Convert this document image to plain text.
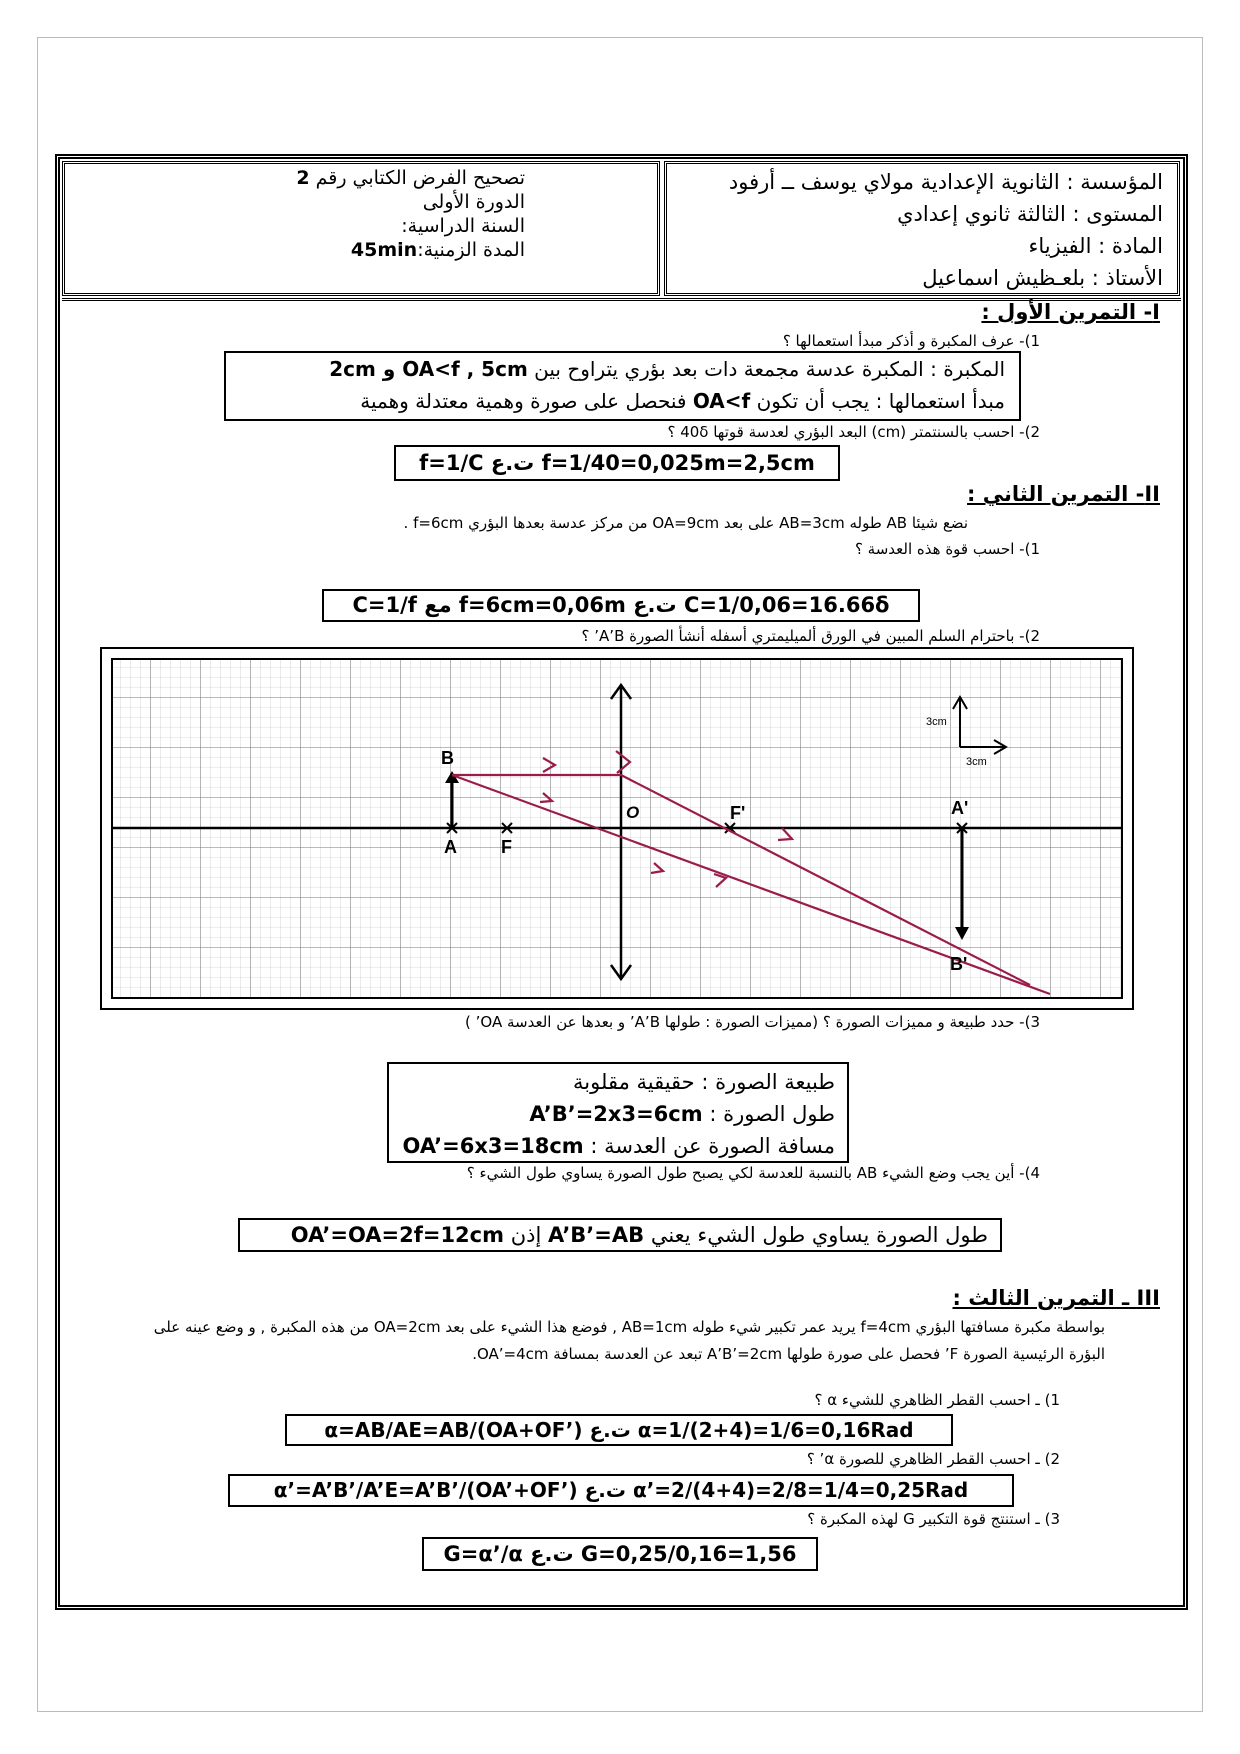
المؤسسة : الثانوية الإعدادية مولاي يوسف ــ أرفود
المستوى : الثالثة ثانوي إعدادي
المادة : الفيزياء
الأستاذ : بلعـظيش اسماعيل
تصحيح الفرض الكتابي رقم 2
الدورة الأولى
السنة الدراسية:
المدة الزمنية:45min
I- التمرين الأول :
1)- عرف المكبرة و أذكر مبدأ استعمالها ؟
المكبرة : المكبرة عدسة مجمعة دات بعد بؤري يتراوح بين OA<f , 5cm و 2cm
مبدأ استعمالها : يجب أن تكون OA<f فنحصل على صورة وهمية معتدلة وهمية
2)- احسب بالسنتمتر (cm) البعد البؤري لعدسة قوتها 40δ ؟
f=1/40=0,025m=2,5cm ت.ع f=1/C
II- التمرين الثاني :
نضع شيئا AB طوله AB=3cm على بعد OA=9cm من مركز عدسة بعدها البؤري f=6cm .
1)- احسب قوة هذه العدسة ؟
C=1/0,06=16.66δ ت.ع f=6cm=0,06m مع C=1/f
2)- باحترام السلم المبين في الورق ألميليمتري أسفله أنشأ الصورة A’B’ ؟
B
A F
O	F'	A'
B'
3cm
3cm
3)- حدد طبيعة و مميزات الصورة ؟ (مميزات الصورة : طولها A’B’ و بعدها عن العدسة OA’ )
طبيعة الصورة : حقيقية مقلوبة
طول الصورة : A’B’=2x3=6cm
مسافة الصورة عن العدسة : OA’=6x3=18cm
4)- أين يجب وضع الشيء AB بالنسبة للعدسة لكي يصبح طول الصورة يساوي طول الشيء ؟
طول الصورة يساوي طول الشيء يعني A’B’=AB إذن OA’=OA=2f=12cm
III ـ التمرين الثالث :
بواسطة مكبرة مسافتها البؤري f=4cm يريد عمر تكبير شيء طوله AB=1cm , فوضع هذا الشيء على بعد OA=2cm من هذه المكبرة , و وضع عينه على
البؤرة الرئيسية الصورة F’ فحصل على صورة طولها A’B’=2cm تبعد عن العدسة بمسافة OA’=4cm.
1) ـ احسب القطر الظاهري للشيء α ؟
α=1/(2+4)=1/6=0,16Rad ت.ع α=AB/AE=AB/(OA+OF’)
2) ـ احسب القطر الظاهري للصورة α’ ؟
α’=2/(4+4)=2/8=1/4=0,25Rad ت.ع α’=A’B’/A’E=A’B’/(OA’+OF’)
3) ـ استنتج قوة التكبير G لهذه المكبرة ؟
G=0,25/0,16=1,56 ت.ع G=α’/α
